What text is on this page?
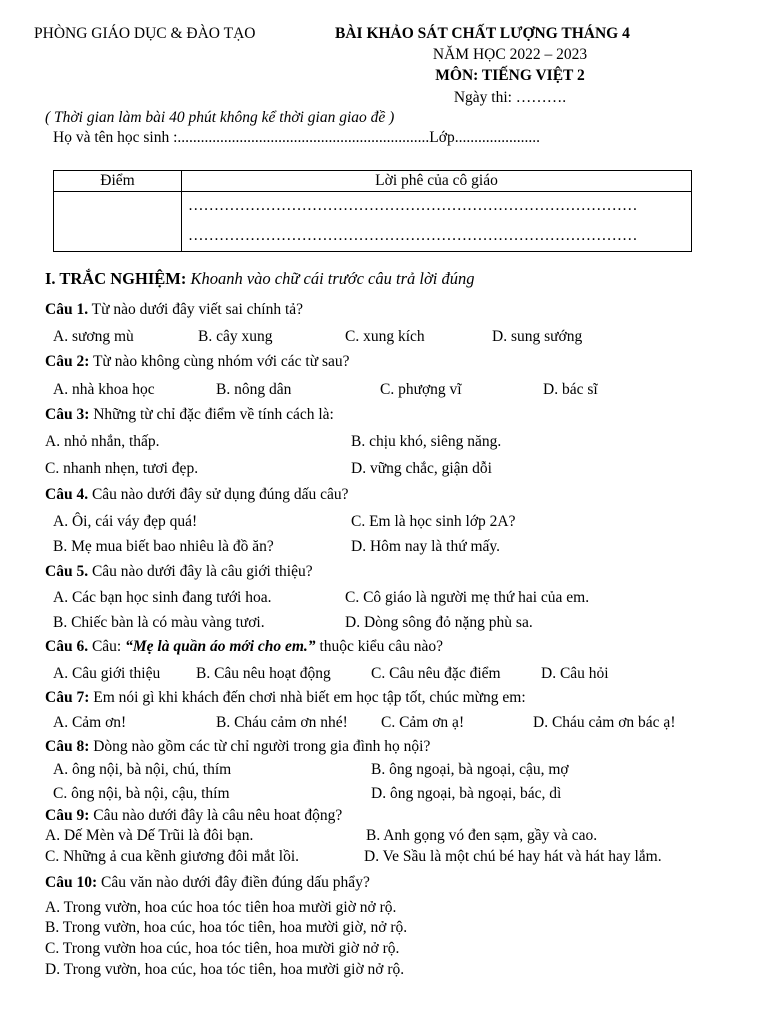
PHÒNG GIÁO DỤC & ĐÀO TẠO	BÀI KHẢO SÁT CHẤT LƯỢNG THÁNG 4
NĂM HỌC 2022 – 2023
MÔN: TIẾNG VIỆT 2
Ngày thi: ……….
( Thời gian làm bài 40 phút không kể thời gian giao đề )
Họ và tên học sinh :.................................................................Lớp......................
Điểm	Lời phê của cô giáo

	……………………………………………………………………………
……………………………………………………………………………
I. TRẮC NGHIỆM: Khoanh vào chữ cái trước câu trả lời đúng
Câu 1. Từ nào dưới đây viết sai chính tả?
A. sương mù	B. cây xung	C. xung kích	D. sung sướng
Câu 2: Từ nào không cùng nhóm với các từ sau?
A. nhà khoa học	B. nông dân	C. phượng vĩ	D. bác sĩ
Câu 3: Những từ chỉ đặc điểm về tính cách là:
A. nhỏ nhắn, thấp.	B. chịu khó, siêng năng.
C. nhanh nhẹn, tươi đẹp.	D. vững chắc, giận dỗi
Câu 4. Câu nào dưới đây sử dụng đúng dấu câu?
A. Ôi, cái váy đẹp quá!	C. Em là học sinh lớp 2A?
B. Mẹ mua biết bao nhiêu là đồ ăn?	D. Hôm nay là thứ mấy.
Câu 5. Câu nào dưới đây là câu giới thiệu?
A. Các bạn học sinh đang tưới hoa.	C. Cô giáo là người mẹ thứ hai của em.
B. Chiếc bàn là có màu vàng tươi.	D. Dòng sông đỏ nặng phù sa.
Câu 6. Câu: “Mẹ là quần áo mới cho em.” thuộc kiểu câu nào?
A. Câu giới thiệu B. Câu nêu hoạt động	C. Câu nêu đặc điểm	D. Câu hỏi
Câu 7: Em nói gì khi khách đến chơi nhà biết em học tập tốt, chúc mừng em:
A. Cảm ơn!	B. Cháu cảm ơn nhé! C. Cảm ơn ạ!	D. Cháu cảm ơn bác ạ!
Câu 8: Dòng nào gồm các từ chỉ người trong gia đình họ nội?
A. ông nội, bà nội, chú, thím	B. ông ngoại, bà ngoại, cậu, mợ
C. ông nội, bà nội, cậu, thím	D. ông ngoại, bà ngoại, bác, dì
Câu 9: Câu nào dưới đây là câu nêu hoat động?
A. Dế Mèn và Dế Trũi là đôi bạn.	B. Anh gọng vó đen sạm, gầy và cao.
C. Những ả cua kềnh giương đôi mắt lồi.	D. Ve Sầu là một chú bé hay hát và hát hay lắm.
Câu 10: Câu văn nào dưới đây điền đúng dấu phẩy?
A. Trong vườn, hoa cúc hoa tóc tiên hoa mười giờ nở rộ.
B. Trong vườn, hoa cúc, hoa tóc tiên, hoa mười giờ, nở rộ.
C. Trong vườn hoa cúc, hoa tóc tiên, hoa mười giờ nở rộ.
D. Trong vườn, hoa cúc, hoa tóc tiên, hoa mười giờ nở rộ.
